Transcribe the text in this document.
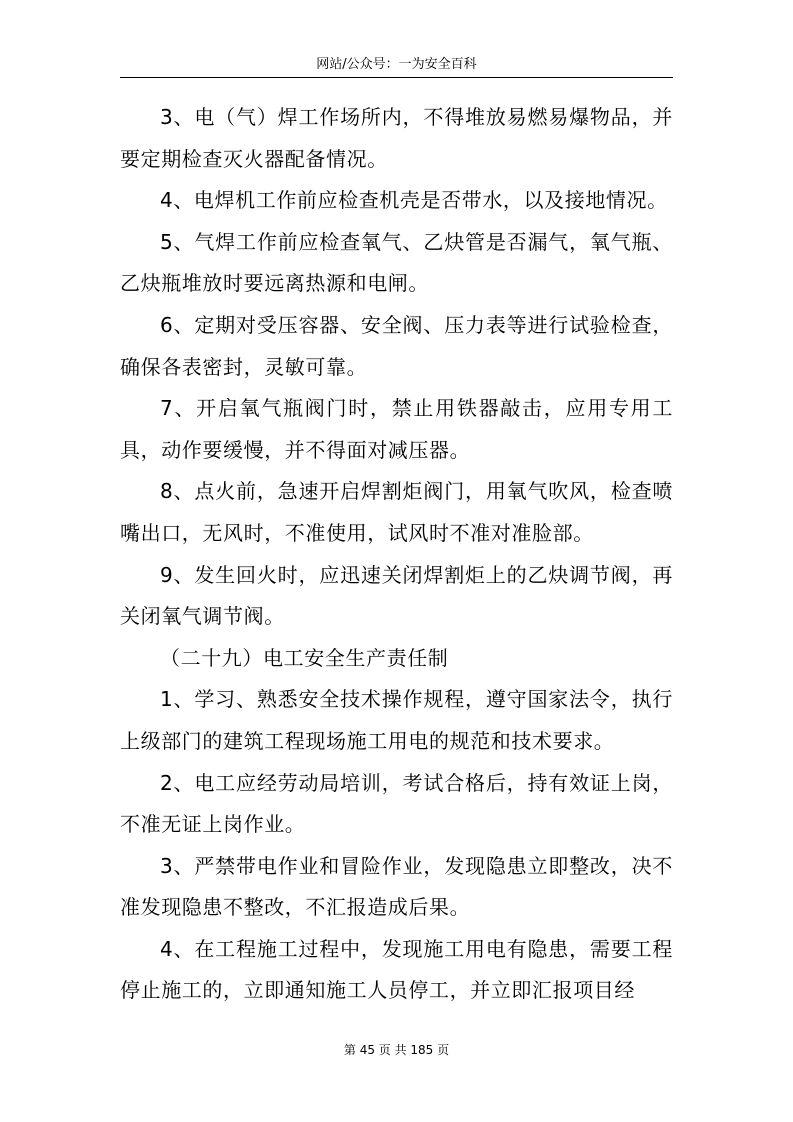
网站/公众号：一为安全百科

3、电（气）焊工作场所内，不得堆放易燃易爆物品，并要定期检查灭火器配备情况。

4、电焊机工作前应检查机壳是否带水，以及接地情况。

5、气焊工作前应检查氧气、乙炔管是否漏气，氧气瓶、乙炔瓶堆放时要远离热源和电闸。

6、定期对受压容器、安全阀、压力表等进行试验检查，确保各表密封，灵敏可靠。

7、开启氧气瓶阀门时，禁止用铁器敲击，应用专用工具，动作要缓慢，并不得面对减压器。

8、点火前，急速开启焊割炬阀门，用氧气吹风，检查喷嘴出口，无风时，不准使用，试风时不准对准脸部。

9、发生回火时，应迅速关闭焊割炬上的乙炔调节阀，再关闭氧气调节阀。

（二十九）电工安全生产责任制

1、学习、熟悉安全技术操作规程，遵守国家法令，执行上级部门的建筑工程现场施工用电的规范和技术要求。

2、电工应经劳动局培训，考试合格后，持有效证上岗，不准无证上岗作业。

3、严禁带电作业和冒险作业，发现隐患立即整改，决不准发现隐患不整改，不汇报造成后果。

4、在工程施工过程中，发现施工用电有隐患，需要工程停止施工的，立即通知施工人员停工，并立即汇报项目经

第 45 页 共 185 页
